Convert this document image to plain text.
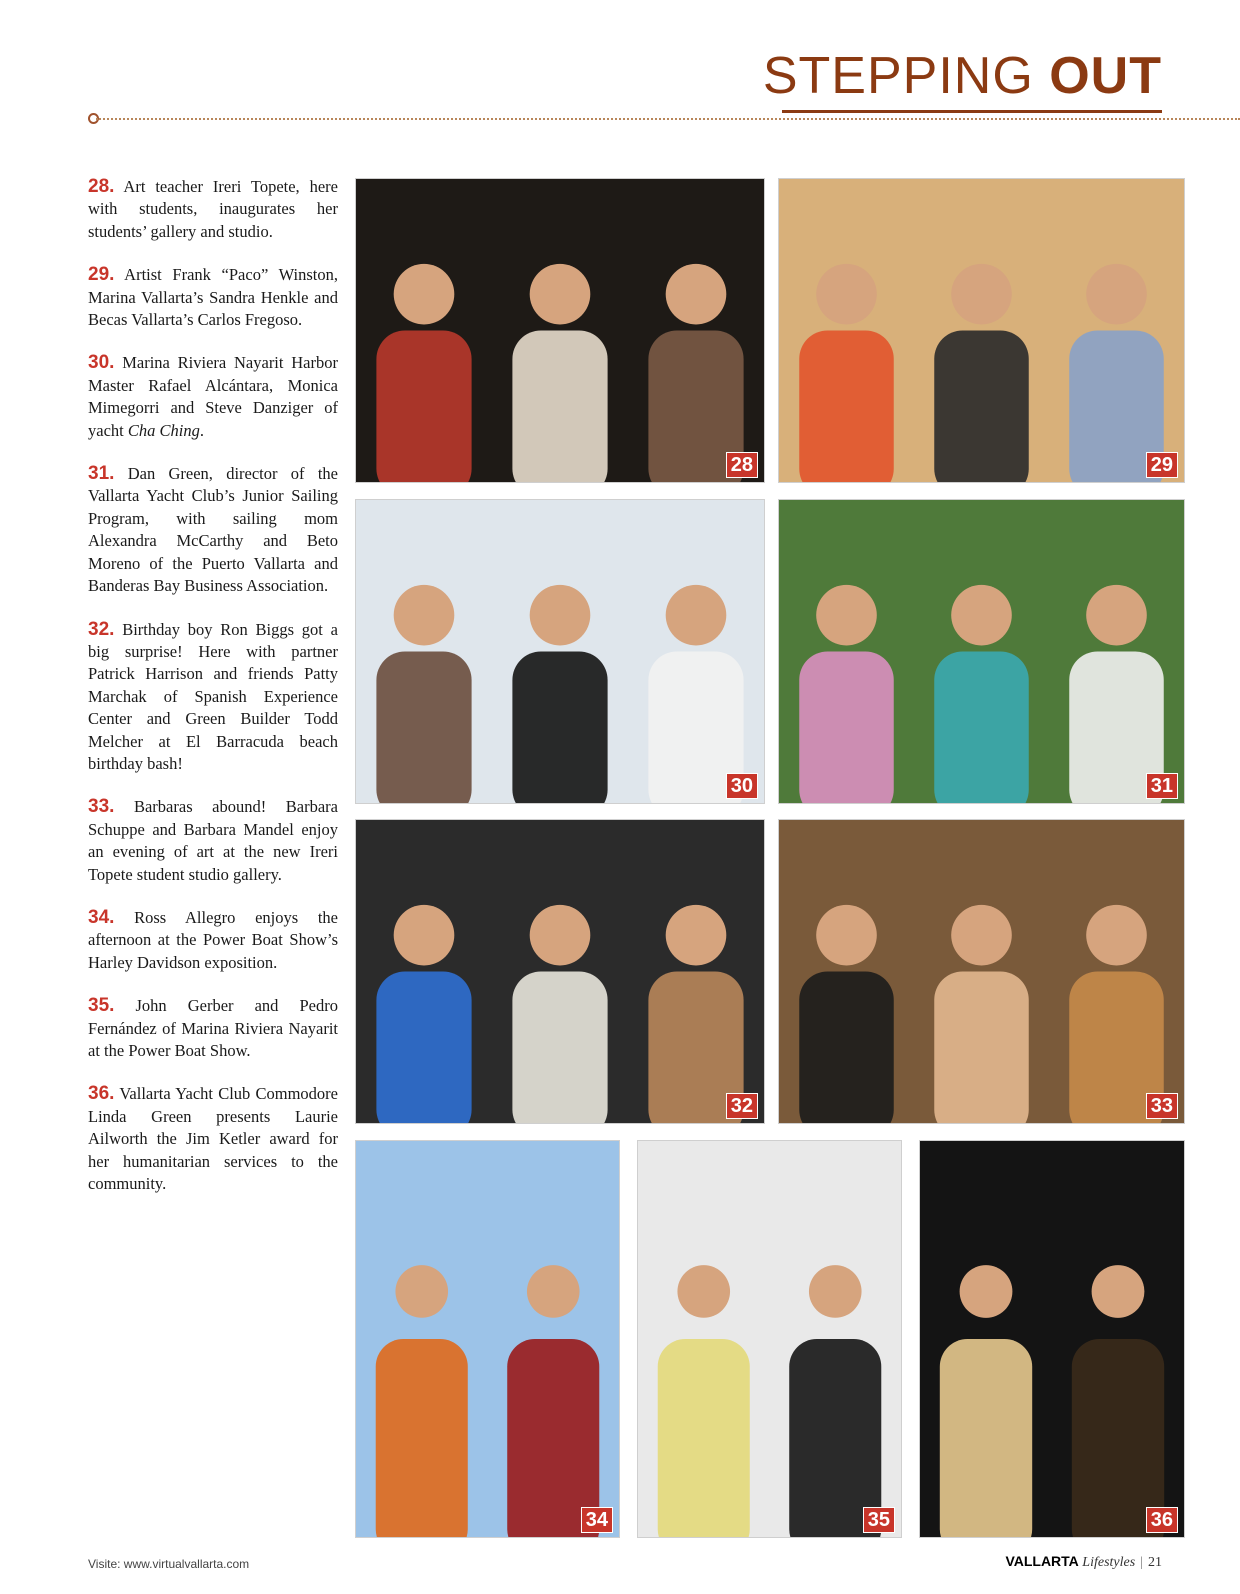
STEPPING OUT

28. Art teacher Ireri Topete, here with students, inaugurates her students’ gallery and studio.

29. Artist Frank “Paco” Winston, Marina Vallarta’s Sandra Henkle and Becas Vallarta’s Carlos Fregoso.

30. Marina Riviera Nayarit Harbor Master Rafael Alcántara, Monica Mimegorri and Steve Danziger of yacht Cha Ching.

31. Dan Green, director of the Vallarta Yacht Club’s Junior Sailing Program, with sailing mom Alexandra McCarthy and Beto Moreno of the Puerto Vallarta and Banderas Bay Business Association.

32. Birthday boy Ron Biggs got a big surprise! Here with partner Patrick Harrison and friends Patty Marchak of Spanish Experience Center and Green Builder Todd Melcher at El Barracuda beach birthday bash!

33. Barbaras abound! Barbara Schuppe and Barbara Mandel enjoy an evening of art at the new Ireri Topete student studio gallery.

34. Ross Allegro enjoys the afternoon at the Power Boat Show’s Harley Davidson exposition.

35. John Gerber and Pedro Fernández of Marina Riviera Nayarit at the Power Boat Show.

36. Vallarta Yacht Club Commodore Linda Green presents Laurie Ailworth the Jim Ketler award for her humanitarian services to the community.

28	29
30	31
32	33
34	35	36
Visite: www.virtualvallarta.com	VALLARTA Lifestyles | 21
